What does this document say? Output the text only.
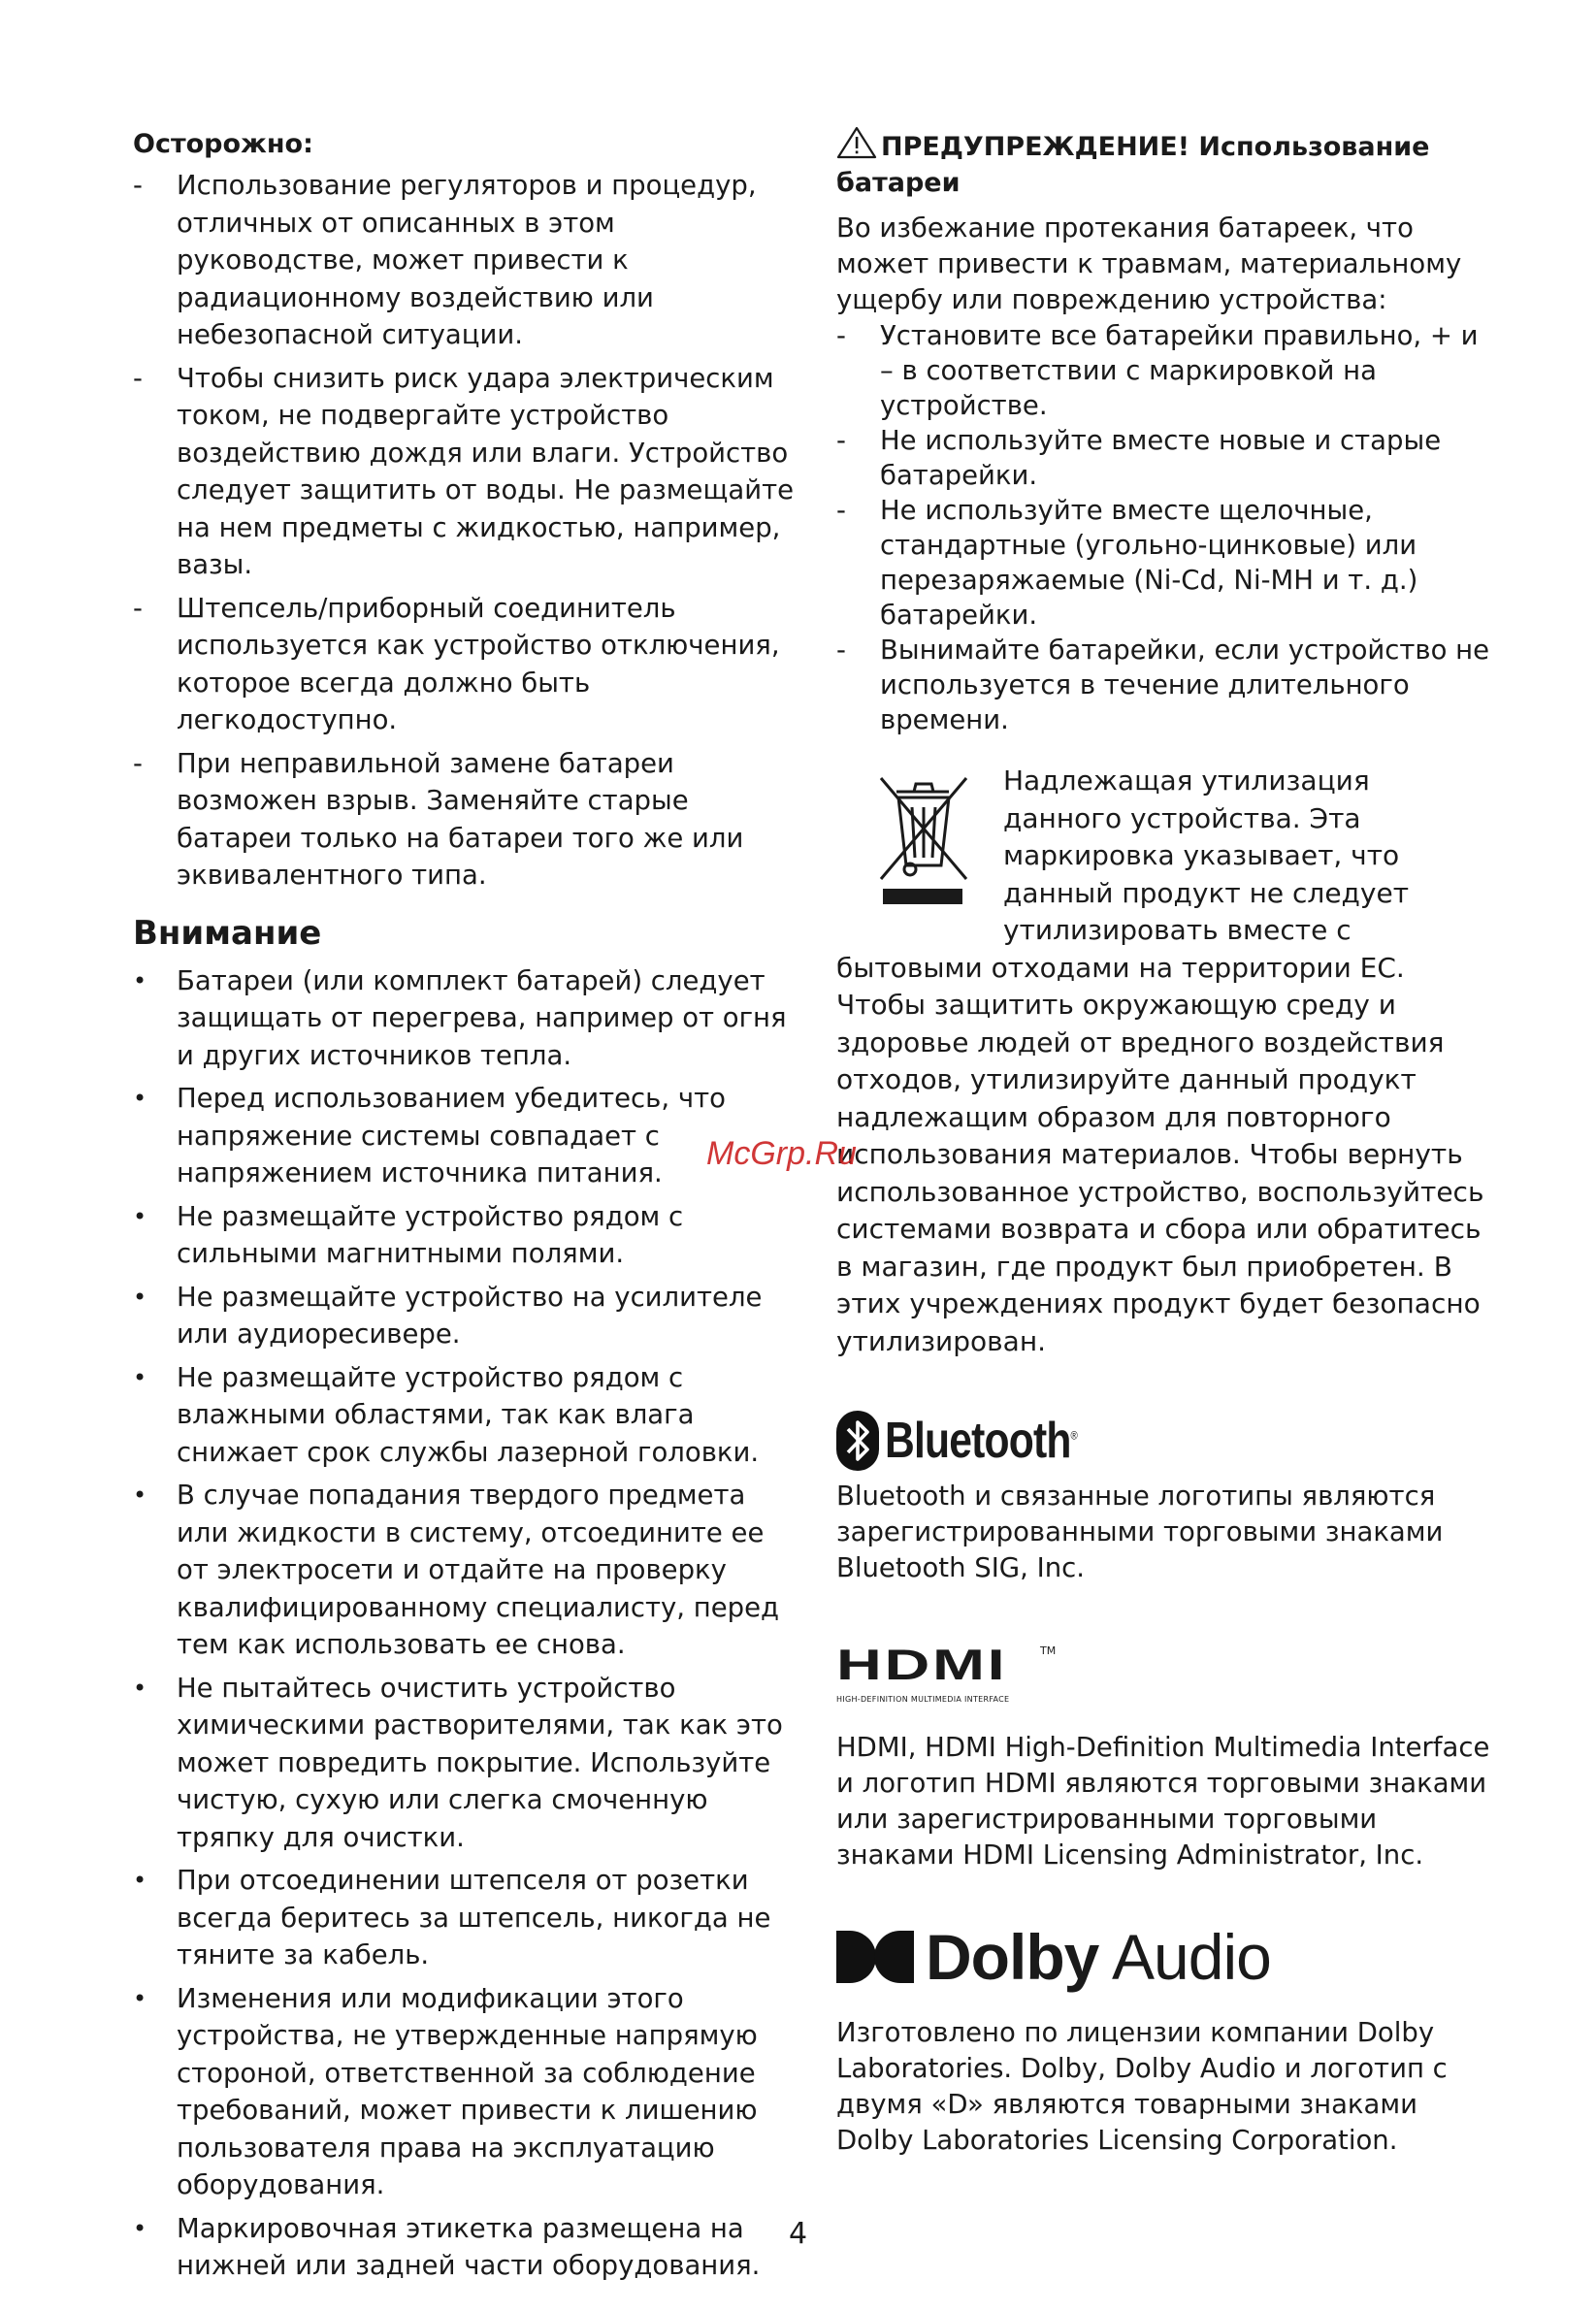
Осторожно:

-	Использование регуляторов и процедур, отличных от описанных в этом руководстве, может привести к радиационному воздействию или небезопасной ситуации.
-	Чтобы снизить риск удара электрическим током, не подвергайте устройство воздействию дождя или влаги. Устройство следует защитить от воды. Не размещайте на нем предметы с жидкостью, например, вазы.
-	Штепсель/приборный соединитель используется как устройство отключения, которое всегда должно быть легкодоступно.
-	При неправильной замене батареи возможен взрыв. Заменяйте старые батареи только на батареи того же или эквивалентного типа.
Внимание
•	Батареи (или комплект батарей) следует защищать от перегрева, например от огня и других источников тепла.
•	Перед использованием убедитесь, что напряжение системы совпадает с напряжением источника питания.
•	Не размещайте устройство рядом с сильными магнитными полями.
•	Не размещайте устройство на усилителе или аудиоресивере.
•	Не размещайте устройство рядом с влажными областями, так как влага снижает срок службы лазерной головки.
•	В случае попадания твердого предмета или жидкости в систему, отсоедините ее от электросети и отдайте на проверку квалифицированному специалисту, перед тем как использовать ее снова.
•	Не пытайтесь очистить устройство химическими растворителями, так как это может повредить покрытие. Используйте чистую, сухую или слегка смоченную тряпку для очистки.
•	При отсоединении штепселя от розетки всегда беритесь за штепсель, никогда не тяните за кабель.
•	Изменения или модификации этого устройства, не утвержденные напрямую стороной, ответственной за соблюдение требований, может привести к лишению пользователя права на эксплуатацию оборудования.
•	Маркировочная этикетка размещена на нижней или задней части оборудования.

ПРЕДУПРЕЖДЕНИЕ! Использование батареи

Во избежание протекания батареек, что может привести к травмам, материальному ущербу или повреждению устройства:

-	Установите все батарейки правильно, + и – в соответствии с маркировкой на устройстве.
-	Не используйте вместе новые и старые батарейки.
-	Не используйте вместе щелочные, стандартные (угольно-цинковые) или перезаряжаемые (Ni-Cd, Ni-MH и т. д.) батарейки.
-	Вынимайте батарейки, если устройство не используется в течение длительного времени.

Надлежащая утилизация данного устройства. Эта маркировка указывает, что данный продукт не следует утилизировать вместе с бытовыми отходами на территории ЕС. Чтобы защитить окружающую среду и здоровье людей от вредного воздействия отходов, утилизируйте данный продукт надлежащим образом для повторного использования материалов. Чтобы вернуть использованное устройство, воспользуйтесь системами возврата и сбора или обратитесь в магазин, где продукт был приобретен. В этих учреждениях продукт будет безопасно утилизирован.

Bluetooth®

Bluetooth и связанные логотипы являются зарегистрированными торговыми знаками Bluetooth SIG, Inc.

HDMI	TM
HIGH-DEFINITION MULTIMEDIA INTERFACE

HDMI, HDMI High-Definition Multimedia Interface и логотип HDMI являются торговыми знаками или зарегистрированными торговыми знаками HDMI Licensing Administrator, Inc.

Dolby Audio

Изготовлено по лицензии компании Dolby Laboratories. Dolby, Dolby Audio и логотип с двумя «D» являются товарными знаками Dolby Laboratories Licensing Corporation.

McGrp.Ru
4
